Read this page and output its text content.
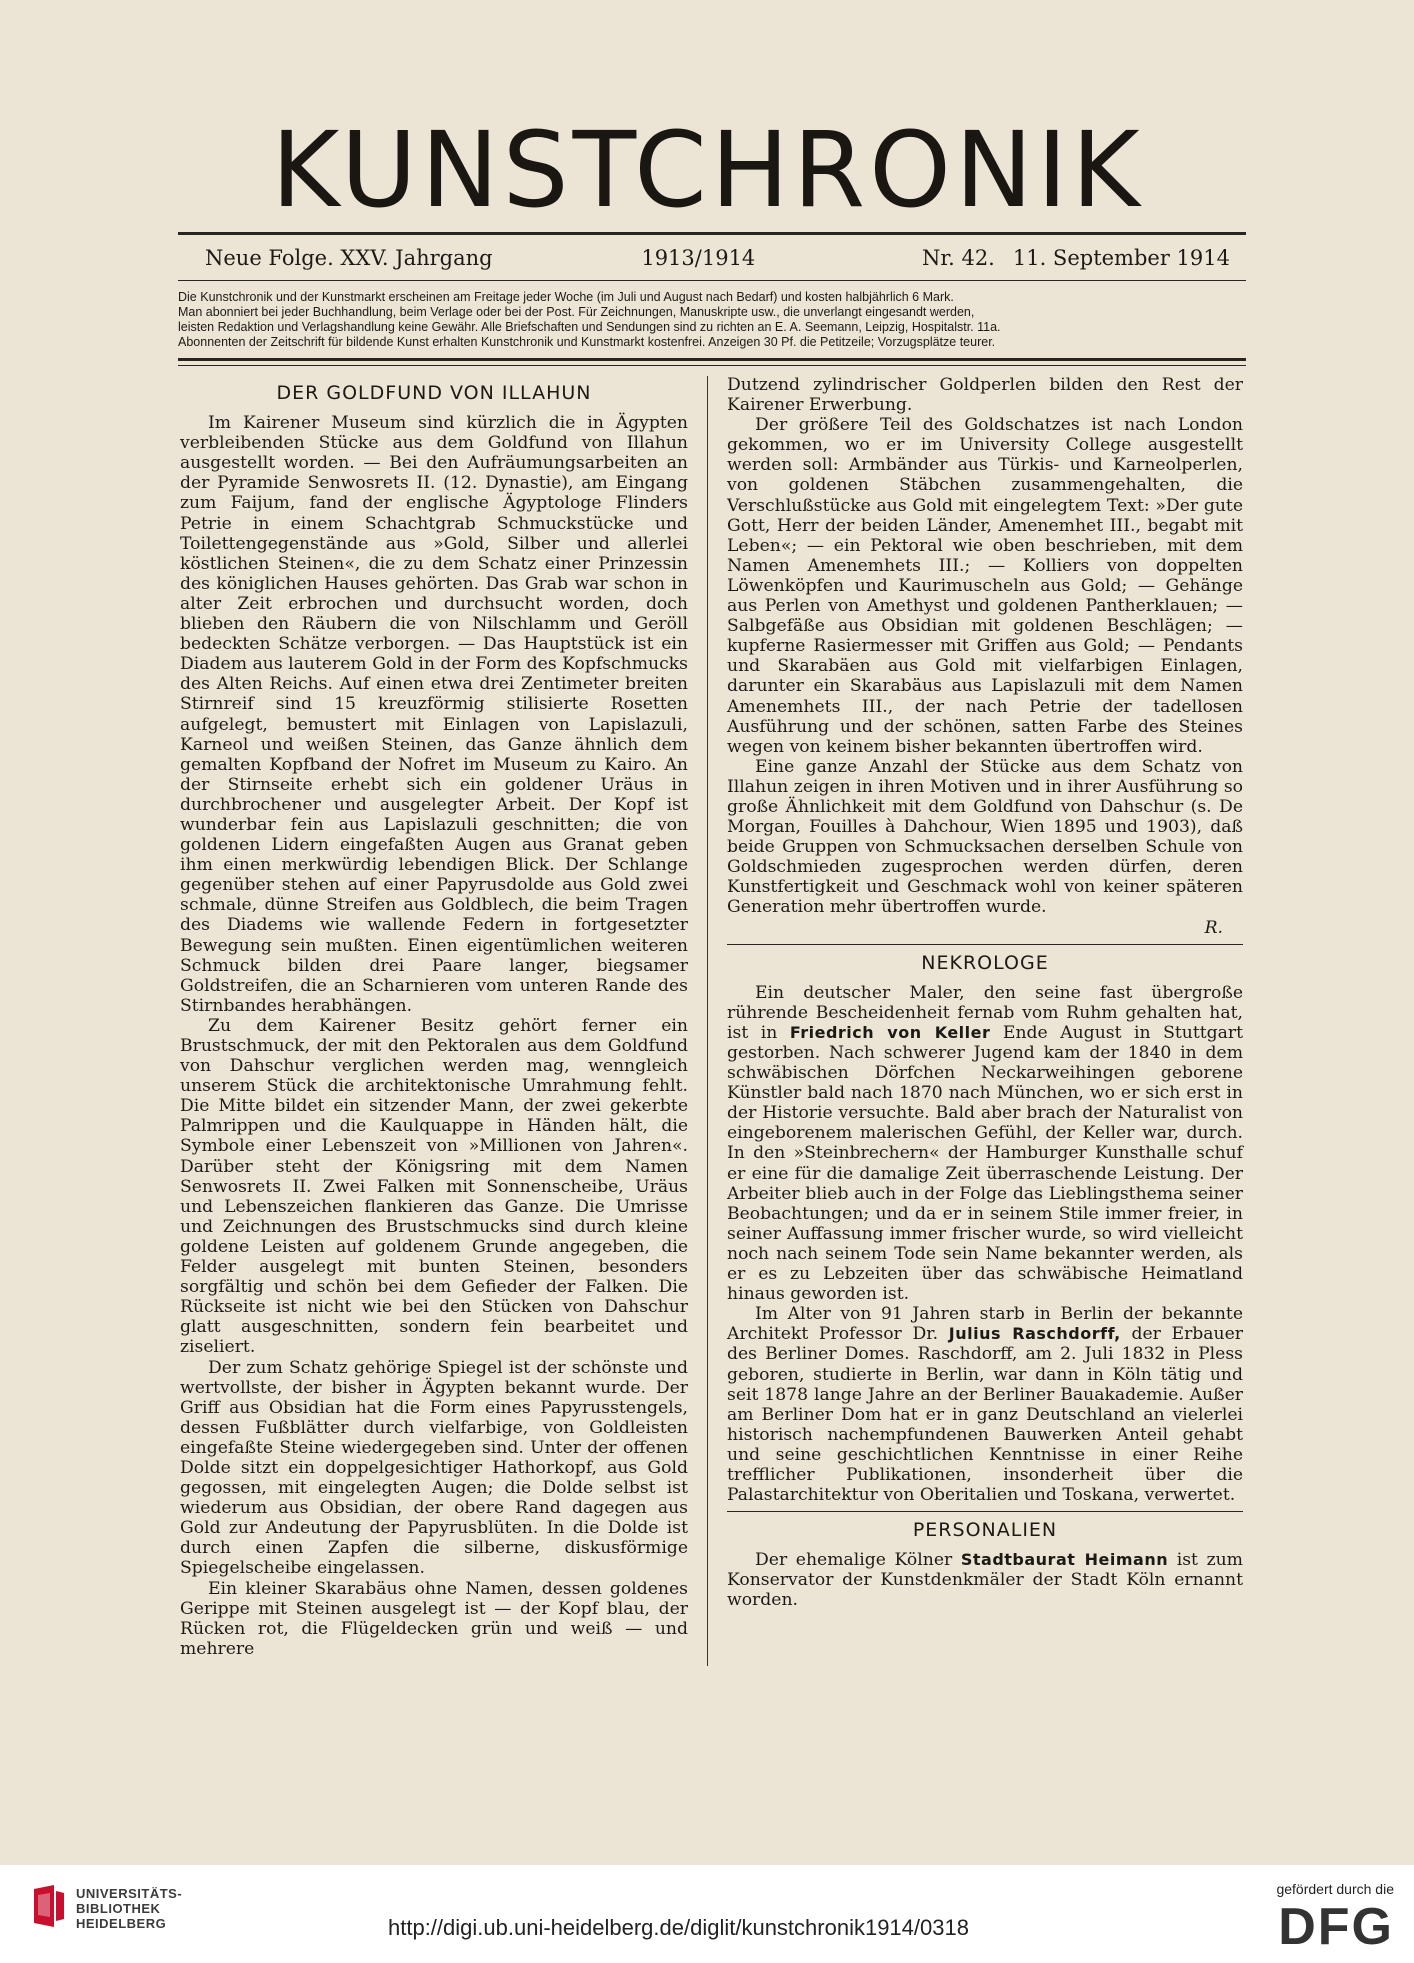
KUNSTCHRONIK
Neue Folge. XXV. Jahrgang	1913/1914	Nr. 42. 11. September 1914

Die Kunstchronik und der Kunstmarkt erscheinen am Freitage jeder Woche (im Juli und August nach Bedarf) und kosten halbjährlich 6 Mark.

Man abonniert bei jeder Buchhandlung, beim Verlage oder bei der Post. Für Zeichnungen, Manuskripte usw., die unverlangt eingesandt werden,

leisten Redaktion und Verlagshandlung keine Gewähr. Alle Briefschaften und Sendungen sind zu richten an E. A. Seemann, Leipzig, Hospitalstr. 11a.

Abonnenten der Zeitschrift für bildende Kunst erhalten Kunstchronik und Kunstmarkt kostenfrei. Anzeigen 30 Pf. die Petitzeile; Vorzugsplätze teurer.

DER GOLDFUND VON ILLAHUN

Im Kairener Museum sind kürzlich die in Ägypten verbleibenden Stücke aus dem Goldfund von Illahun ausgestellt worden. — Bei den Aufräumungsarbeiten an der Pyramide Senwosrets II. (12. Dynastie), am Eingang zum Faijum, fand der englische Ägyptologe Flinders Petrie in einem Schachtgrab Schmuckstücke und Toilettengegenstände aus »Gold, Silber und allerlei köstlichen Steinen«, die zu dem Schatz einer Prinzessin des königlichen Hauses gehörten. Das Grab war schon in alter Zeit erbrochen und durchsucht worden, doch blieben den Räubern die von Nilschlamm und Geröll bedeckten Schätze verborgen. — Das Hauptstück ist ein Diadem aus lauterem Gold in der Form des Kopfschmucks des Alten Reichs. Auf einen etwa drei Zentimeter breiten Stirnreif sind 15 kreuzförmig stilisierte Rosetten aufgelegt, bemustert mit Einlagen von Lapislazuli, Karneol und weißen Steinen, das Ganze ähnlich dem gemalten Kopfband der Nofret im Museum zu Kairo. An der Stirnseite erhebt sich ein goldener Uräus in durchbrochener und ausgelegter Arbeit. Der Kopf ist wunderbar fein aus Lapislazuli geschnitten; die von goldenen Lidern eingefaßten Augen aus Granat geben ihm einen merkwürdig lebendigen Blick. Der Schlange gegenüber stehen auf einer Papyrusdolde aus Gold zwei schmale, dünne Streifen aus Goldblech, die beim Tragen des Diadems wie wallende Federn in fortgesetzter Bewegung sein mußten. Einen eigentümlichen weiteren Schmuck bilden drei Paare langer, biegsamer Goldstreifen, die an Scharnieren vom unteren Rande des Stirnbandes herabhängen.

Zu dem Kairener Besitz gehört ferner ein Brustschmuck, der mit den Pektoralen aus dem Goldfund von Dahschur verglichen werden mag, wenngleich unserem Stück die architektonische Umrahmung fehlt. Die Mitte bildet ein sitzender Mann, der zwei gekerbte Palmrippen und die Kaulquappe in Händen hält, die Symbole einer Lebenszeit von »Millionen von Jahren«. Darüber steht der Königsring mit dem Namen Senwosrets II. Zwei Falken mit Sonnenscheibe, Uräus und Lebenszeichen flankieren das Ganze. Die Umrisse und Zeichnungen des Brustschmucks sind durch kleine goldene Leisten auf goldenem Grunde angegeben, die Felder ausgelegt mit bunten Steinen, besonders sorgfältig und schön bei dem Gefieder der Falken. Die Rückseite ist nicht wie bei den Stücken von Dahschur glatt ausgeschnitten, sondern fein bearbeitet und ziseliert.

Der zum Schatz gehörige Spiegel ist der schönste und wertvollste, der bisher in Ägypten bekannt wurde. Der Griff aus Obsidian hat die Form eines Papyrusstengels, dessen Fußblätter durch vielfarbige, von Goldleisten eingefaßte Steine wiedergegeben sind. Unter der offenen Dolde sitzt ein doppelgesichtiger Hathorkopf, aus Gold gegossen, mit eingelegten Augen; die Dolde selbst ist wiederum aus Obsidian, der obere Rand dagegen aus Gold zur Andeutung der Papyrusblüten. In die Dolde ist durch einen Zapfen die silberne, diskusförmige Spiegelscheibe eingelassen.

Ein kleiner Skarabäus ohne Namen, dessen goldenes Gerippe mit Steinen ausgelegt ist — der Kopf blau, der Rücken rot, die Flügeldecken grün und weiß — und mehrere

Dutzend zylindrischer Goldperlen bilden den Rest der Kairener Erwerbung.

Der größere Teil des Goldschatzes ist nach London gekommen, wo er im University College ausgestellt werden soll: Armbänder aus Türkis- und Karneolperlen, von goldenen Stäbchen zusammengehalten, die Verschlußstücke aus Gold mit eingelegtem Text: »Der gute Gott, Herr der beiden Länder, Amenemhet III., begabt mit Leben«; — ein Pektoral wie oben beschrieben, mit dem Namen Amenemhets III.; — Kolliers von doppelten Löwenköpfen und Kaurimuscheln aus Gold; — Gehänge aus Perlen von Amethyst und goldenen Pantherklauen; — Salbgefäße aus Obsidian mit goldenen Beschlägen; — kupferne Rasiermesser mit Griffen aus Gold; — Pendants und Skarabäen aus Gold mit vielfarbigen Einlagen, darunter ein Skarabäus aus Lapislazuli mit dem Namen Amenemhets III., der nach Petrie der tadellosen Ausführung und der schönen, satten Farbe des Steines wegen von keinem bisher bekannten übertroffen wird.

Eine ganze Anzahl der Stücke aus dem Schatz von Illahun zeigen in ihren Motiven und in ihrer Ausführung so große Ähnlichkeit mit dem Goldfund von Dahschur (s. De Morgan, Fouilles à Dahchour, Wien 1895 und 1903), daß beide Gruppen von Schmucksachen derselben Schule von Goldschmieden zugesprochen werden dürfen, deren Kunstfertigkeit und Geschmack wohl von keiner späteren Generation mehr übertroffen wurde.

R.

NEKROLOGE

Ein deutscher Maler, den seine fast übergroße rührende Bescheidenheit fernab vom Ruhm gehalten hat, ist in Friedrich von Keller Ende August in Stuttgart gestorben. Nach schwerer Jugend kam der 1840 in dem schwäbischen Dörfchen Neckarweihingen geborene Künstler bald nach 1870 nach München, wo er sich erst in der Historie versuchte. Bald aber brach der Naturalist von eingeborenem malerischen Gefühl, der Keller war, durch. In den »Steinbrechern« der Hamburger Kunsthalle schuf er eine für die damalige Zeit überraschende Leistung. Der Arbeiter blieb auch in der Folge das Lieblingsthema seiner Beobachtungen; und da er in seinem Stile immer freier, in seiner Auffassung immer frischer wurde, so wird vielleicht noch nach seinem Tode sein Name bekannter werden, als er es zu Lebzeiten über das schwäbische Heimatland hinaus geworden ist.

Im Alter von 91 Jahren starb in Berlin der bekannte Architekt Professor Dr. Julius Raschdorff, der Erbauer des Berliner Domes. Raschdorff, am 2. Juli 1832 in Pless geboren, studierte in Berlin, war dann in Köln tätig und seit 1878 lange Jahre an der Berliner Bauakademie. Außer am Berliner Dom hat er in ganz Deutschland an vielerlei historisch nachempfundenen Bauwerken Anteil gehabt und seine geschichtlichen Kenntnisse in einer Reihe trefflicher Publikationen, insonderheit über die Palastarchitektur von Oberitalien und Toskana, verwertet.

PERSONALIEN

Der ehemalige Kölner Stadtbaurat Heimann ist zum Konservator der Kunstdenkmäler der Stadt Köln ernannt worden.

UNIVERSITÄTS-
BIBLIOTHEK
HEIDELBERG	http://digi.ub.uni-heidelberg.de/diglit/kunstchronik1914/0318
gefördert durch die
DFG
